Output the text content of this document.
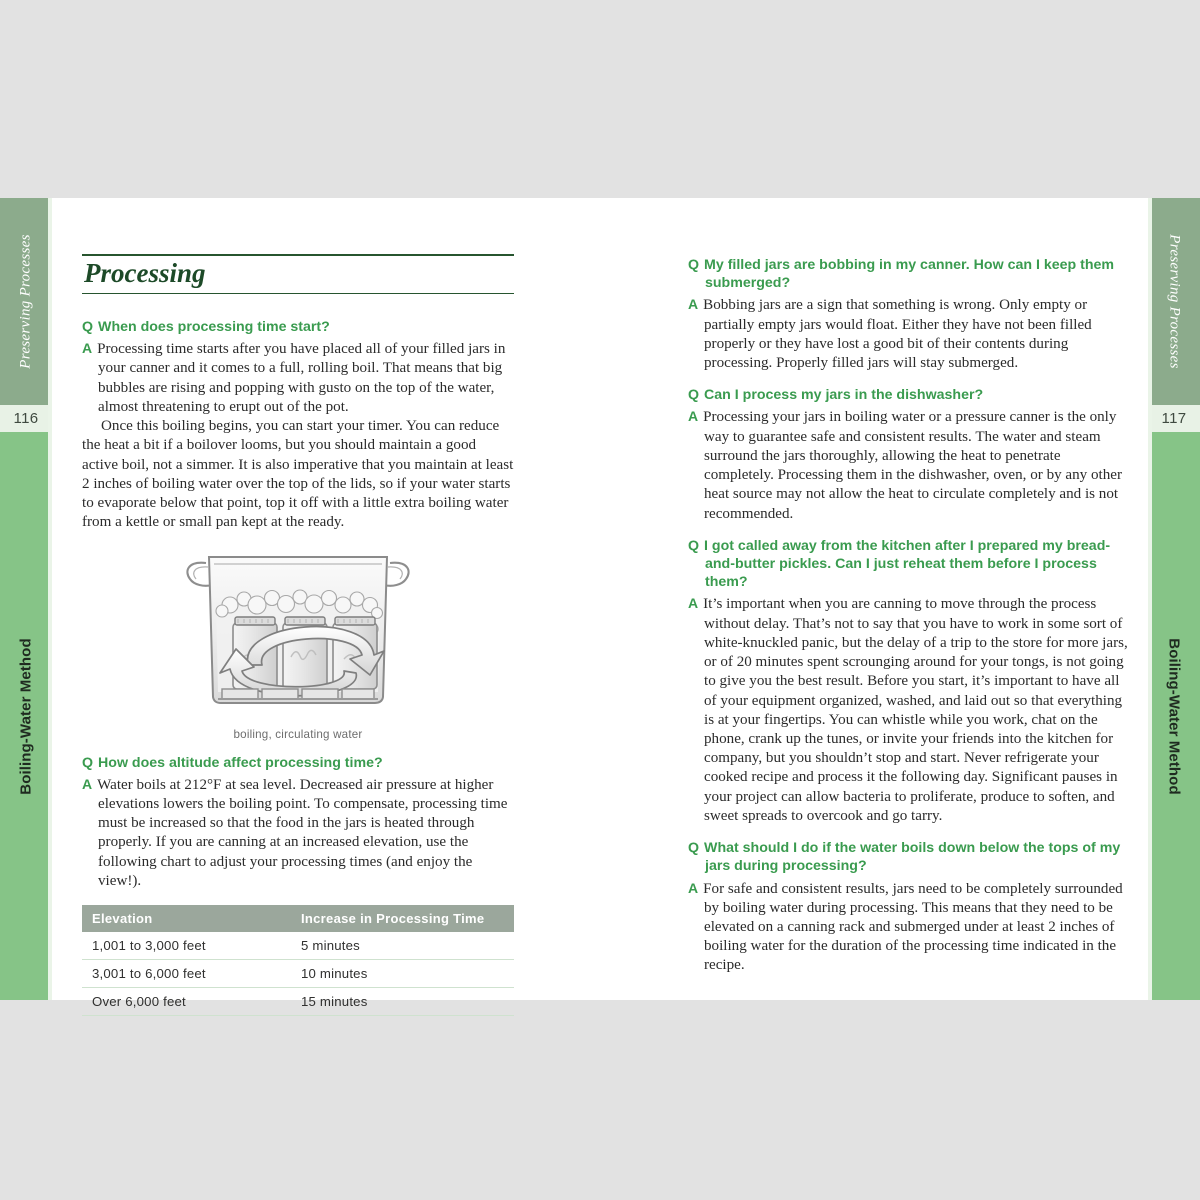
Preserving Processes
116
Boiling-Water Method
Preserving Processes
117
Boiling-Water Method
Processing
Q When does processing time start?
A Processing time starts after you have placed all of your filled jars in your canner and it comes to a full, rolling boil. That means that big bubbles are rising and popping with gusto on the top of the water, almost threatening to erupt out of the pot.
Once this boiling begins, you can start your timer. You can reduce the heat a bit if a boilover looms, but you should maintain a good active boil, not a simmer. It is also imperative that you maintain at least 2 inches of boiling water over the top of the lids, so if your water starts to evaporate below that point, top it off with a little extra boiling water from a kettle or small pan kept at the ready.
boiling, circulating water
Q How does altitude affect processing time?
A Water boils at 212°F at sea level. Decreased air pressure at higher elevations lowers the boiling point. To compensate, processing time must be increased so that the food in the jars is heated through properly. If you are canning at an increased elevation, use the following chart to adjust your processing times (and enjoy the view!).
Elevation	Increase in Processing Time
1,001 to 3,000 feet	5 minutes
3,001 to 6,000 feet	10 minutes
Over 6,000 feet	15 minutes
Q My filled jars are bobbing in my canner. How can I keep them submerged?
A Bobbing jars are a sign that something is wrong. Only empty or partially empty jars would float. Either they have not been filled properly or they have lost a good bit of their contents during processing. Properly filled jars will stay submerged.
Q Can I process my jars in the dishwasher?
A Processing your jars in boiling water or a pressure canner is the only way to guarantee safe and consistent results. The water and steam surround the jars thoroughly, allowing the heat to penetrate completely. Processing them in the dishwasher, oven, or by any other heat source may not allow the heat to circulate completely and is not recommended.
Q I got called away from the kitchen after I prepared my bread-and-butter pickles. Can I just reheat them before I process them?
A It’s important when you are canning to move through the process without delay. That’s not to say that you have to work in some sort of white-knuckled panic, but the delay of a trip to the store for more jars, or of 20 minutes spent scrounging around for your tongs, is not going to give you the best result. Before you start, it’s important to have all of your equipment organized, washed, and laid out so that everything is at your fingertips. You can whistle while you work, chat on the phone, crank up the tunes, or invite your friends into the kitchen for company, but you shouldn’t stop and start. Never refrigerate your cooked recipe and process it the following day. Significant pauses in your project can allow bacteria to proliferate, produce to soften, and sweet spreads to overcook and go tarry.
Q What should I do if the water boils down below the tops of my jars during processing?
A For safe and consistent results, jars need to be completely surrounded by boiling water during processing. This means that they need to be elevated on a canning rack and submerged under at least 2 inches of boiling water for the duration of the processing time indicated in the recipe.
